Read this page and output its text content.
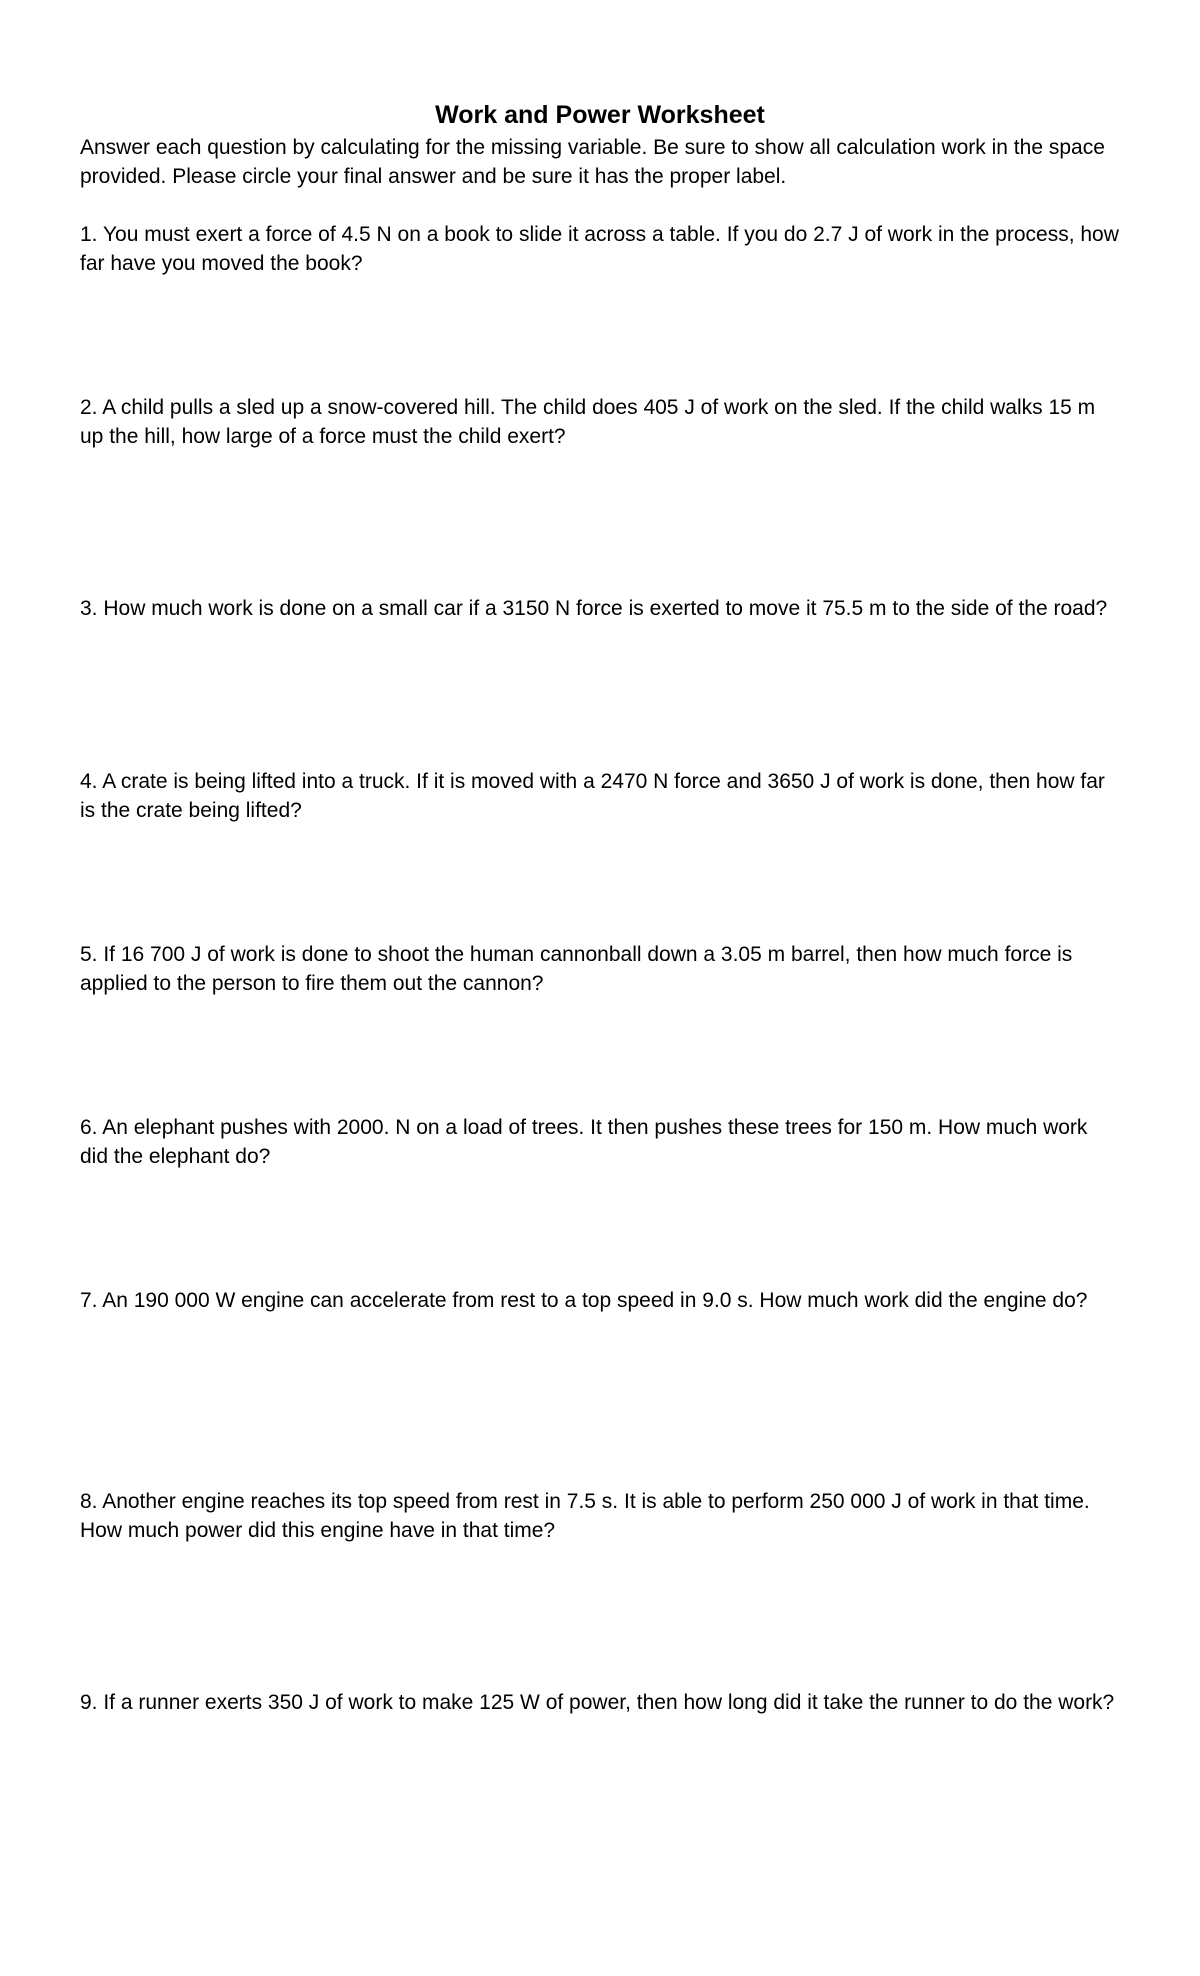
Work and Power Worksheet
Answer each question by calculating for the missing variable. Be sure to show all calculation work in the space provided. Please circle your final answer and be sure it has the proper label.
1. You must exert a force of 4.5 N on a book to slide it across a table. If you do 2.7 J of work in the process, how far have you moved the book?
2. A child pulls a sled up a snow-covered hill. The child does 405 J of work on the sled. If the child walks 15 m up the hill, how large of a force must the child exert?
3. How much work is done on a small car if a 3150 N force is exerted to move it 75.5 m to the side of the road?
4. A crate is being lifted into a truck. If it is moved with a 2470 N force and 3650 J of work is done, then how far is the crate being lifted?
5. If 16 700 J of work is done to shoot the human cannonball down a 3.05 m barrel, then how much force is applied to the person to fire them out the cannon?
6. An elephant pushes with 2000. N on a load of trees. It then pushes these trees for 150 m. How much work did the elephant do?
7. An 190 000 W engine can accelerate from rest to a top speed in 9.0 s. How much work did the engine do?
8. Another engine reaches its top speed from rest in 7.5 s. It is able to perform 250 000 J of work in that time. How much power did this engine have in that time?
9. If a runner exerts 350 J of work to make 125 W of power, then how long did it take the runner to do the work?
